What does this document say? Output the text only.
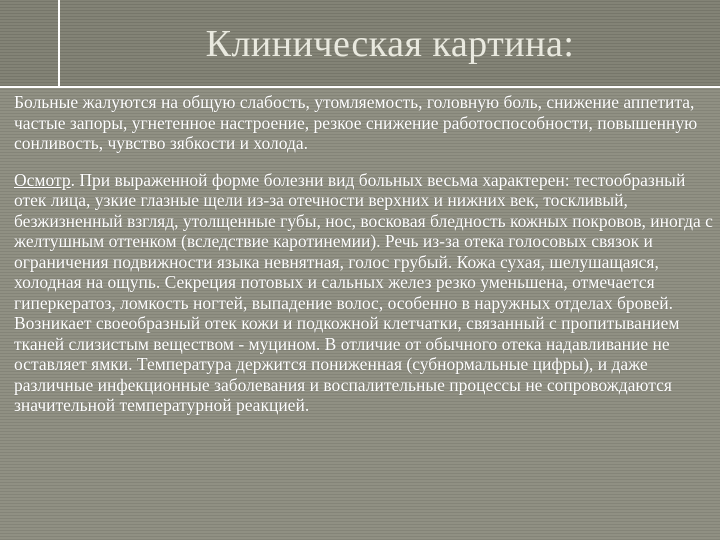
Клиническая картина:

Больные жалуются на общую слабость, утомляемость, головную боль, снижение аппетита, частые запоры, угнетенное настроение, резкое снижение работоспособности, повышенную сонливость, чувство зябкости и холода.

Осмотр. При выраженной форме болезни вид больных весьма характерен: тестообразный отек лица, узкие глазные щели из-за отечности верхних и нижних век, тоскливый, безжизненный взгляд, утолщенные губы, нос, восковая бледность кожных покровов, иногда с желтушным оттенком (вследствие каротинемии). Речь из-за отека голосовых связок и ограничения подвижности языка невнятная, голос грубый. Кожа сухая, шелушащаяся, холодная на ощупь. Секреция потовых и сальных желез резко уменьшена, отмечается гиперкератоз, ломкость ногтей, выпадение волос, особенно в наружных отделах бровей. Возникает своеобразный отек кожи и подкожной клетчатки, связанный с пропитыванием тканей слизистым веществом - муцином. В отличие от обычного отека надавливание не оставляет ямки. Температура держится пониженная (субнормальные цифры), и даже различные инфекционные заболевания и воспалительные процессы не сопровождаются значительной температурной реакцией.
